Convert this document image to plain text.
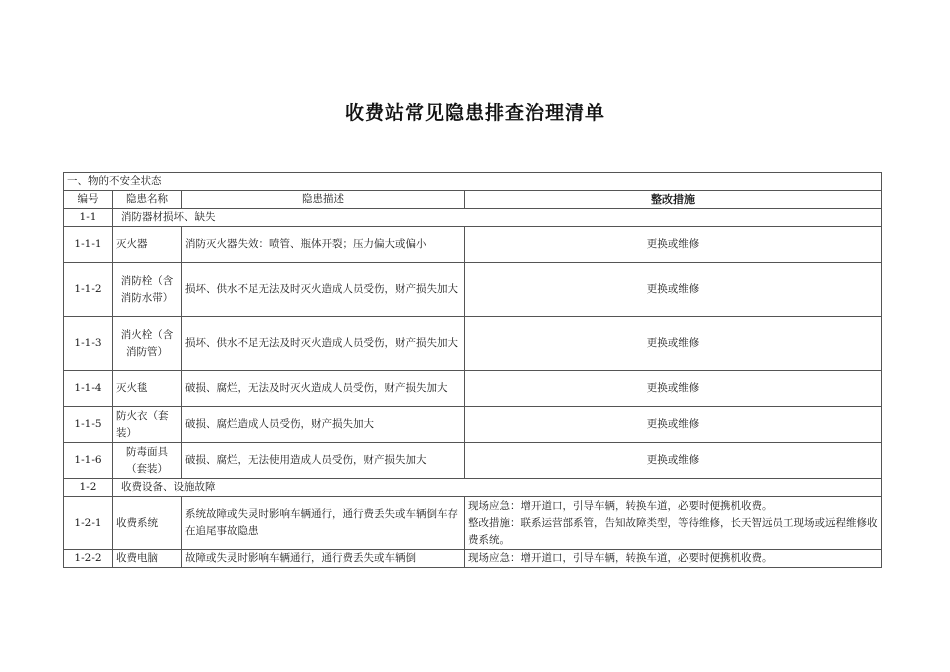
收费站常见隐患排查治理清单
一、物的不安全状态			
编号	隐患名称	隐患描述	整改措施
1-1	消防器材损坏、缺失		
1-1-1	灭火器	消防灭火器失效：喷管、瓶体开裂；压力偏大或偏小	更换或维修
1-1-2	消防栓（含消防水带）	损坏、供水不足无法及时灭火造成人员受伤，财产损失加大	更换或维修
1-1-3	消火栓（含消防管）	损坏、供水不足无法及时灭火造成人员受伤，财产损失加大	更换或维修
1-1-4	灭火毯	破损、腐烂，无法及时灭火造成人员受伤，财产损失加大	更换或维修
1-1-5	防火衣（套装）	破损、腐烂造成人员受伤，财产损失加大	更换或维修
1-1-6	防毒面具（套装）	破损、腐烂，无法使用造成人员受伤，财产损失加大	更换或维修
1-2	收费设备、设施故障		
1-2-1	收费系统	系统故障或失灵时影响车辆通行，通行费丢失或车辆倒车存在追尾事故隐患	现场应急：增开道口，引导车辆，转换车道，必要时便携机收费。
整改措施：联系运营部系管，告知故障类型，等待维修，长天智远员工现场或远程维修收费系统。

1-2-2	收费电脑	故障或失灵时影响车辆通行，通行费丢失或车辆倒	现场应急：增开道口，引导车辆，转换车道，必要时便携机收费。
